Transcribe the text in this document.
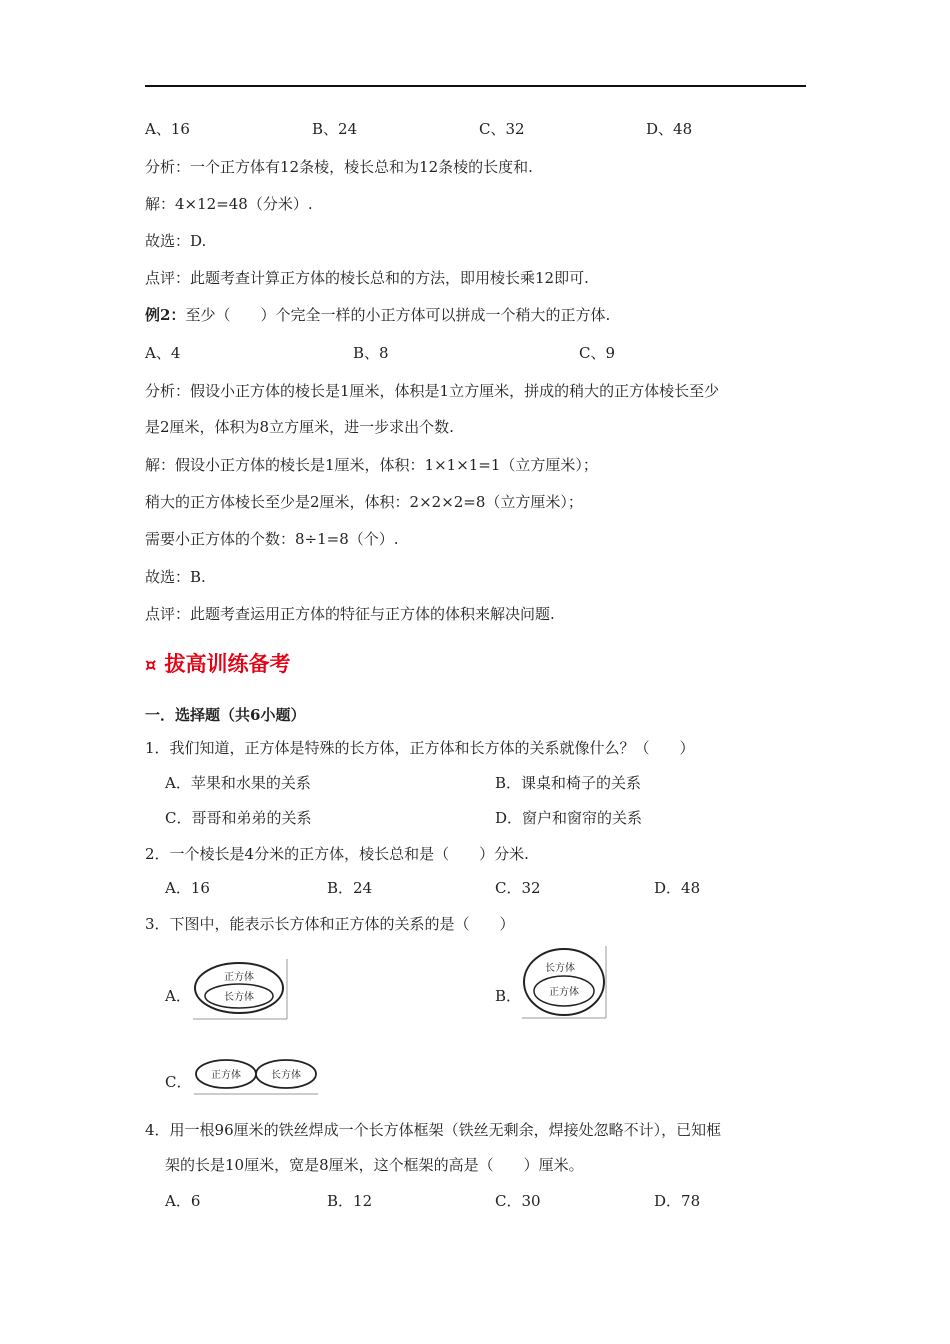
A、16	B、24	C、32	D、48
分析：一个正方体有12条棱，棱长总和为12条棱的长度和.
解：4×12=48（分米）.
故选：D.
点评：此题考查计算正方体的棱长总和的方法，即用棱长乘12即可.
例2：至少（　　）个完全一样的小正方体可以拼成一个稍大的正方体.
A、4	B、8	C、9
分析：假设小正方体的棱长是1厘米，体积是1立方厘米，拼成的稍大的正方体棱长至少
是2厘米，体积为8立方厘米，进一步求出个数.
解：假设小正方体的棱长是1厘米，体积：1×1×1=1（立方厘米）；
稍大的正方体棱长至少是2厘米，体积：2×2×2=8（立方厘米）；
需要小正方体的个数：8÷1=8（个）.
故选：B.
点评：此题考查运用正方体的特征与正方体的体积来解决问题.
¤ 拔高训练备考
一．选择题（共6小题）
1．我们知道，正方体是特殊的长方体，正方体和长方体的关系就像什么？（　　）
A．苹果和水果的关系	B．课桌和椅子的关系
C．哥哥和弟弟的关系	D．窗户和窗帘的关系
2．一个棱长是4分米的正方体，棱长总和是（　　）分米.
A．16	B．24	C．32	D．48
3．下图中，能表示长方体和正方体的关系的是（　　）
A．
正方体
长方体	B．
长方体
正方体
C． 正方体	长方体
4．用一根96厘米的铁丝焊成一个长方体框架（铁丝无剩余，焊接处忽略不计），已知框
架的长是10厘米，宽是8厘米，这个框架的高是（　　）厘米。
A．6	B．12	C．30	D．78
